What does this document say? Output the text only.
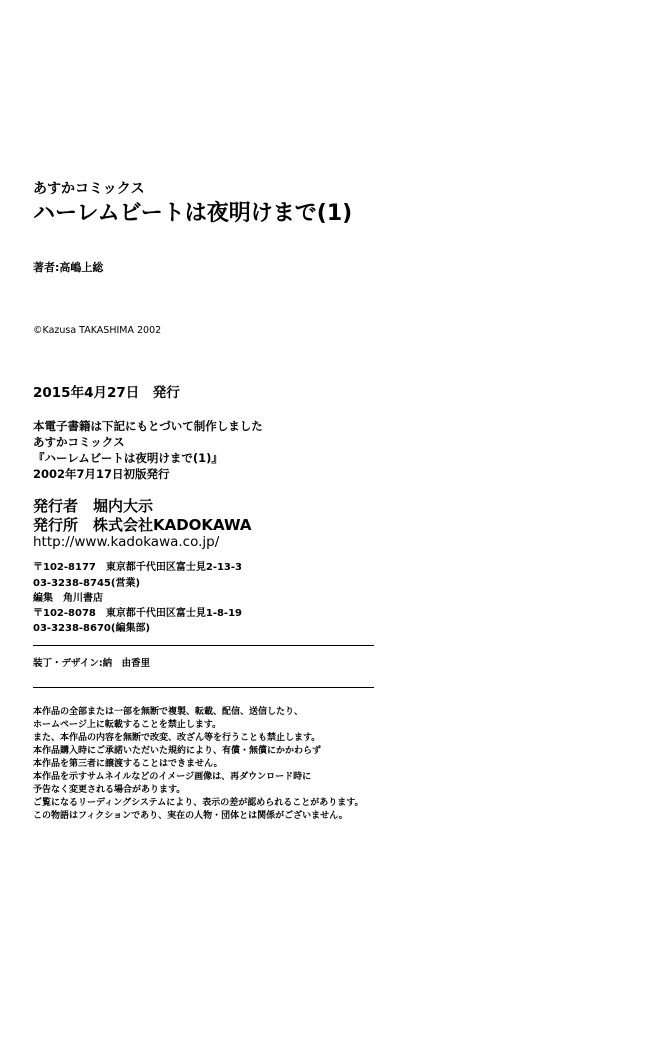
あすかコミックス
ハーレムビートは夜明けまで(1)
著者:高嶋上総
©Kazusa TAKASHIMA 2002
2015年4月27日　発行
本電子書籍は下記にもとづいて制作しました
あすかコミックス
『ハーレムビートは夜明けまで(1)』
2002年7月17日初版発行
発行者　堀内大示
発行所　株式会社KADOKAWA
http://www.kadokawa.co.jp/
〒102-8177　東京都千代田区富士見2-13-3
03-3238-8745(営業)
編集　角川書店
〒102-8078　東京都千代田区富士見1-8-19
03-3238-8670(編集部)
装丁・デザイン:納　由香里
本作品の全部または一部を無断で複製、転載、配信、送信したり、
ホームページ上に転載することを禁止します。
また、本作品の内容を無断で改変、改ざん等を行うことも禁止します。
本作品購入時にご承諾いただいた規約により、有償・無償にかかわらず
本作品を第三者に譲渡することはできません。
本作品を示すサムネイルなどのイメージ画像は、再ダウンロード時に
予告なく変更される場合があります。
ご覧になるリーディングシステムにより、表示の差が認められることがあります。
この物語はフィクションであり、実在の人物・団体とは関係がございません。
